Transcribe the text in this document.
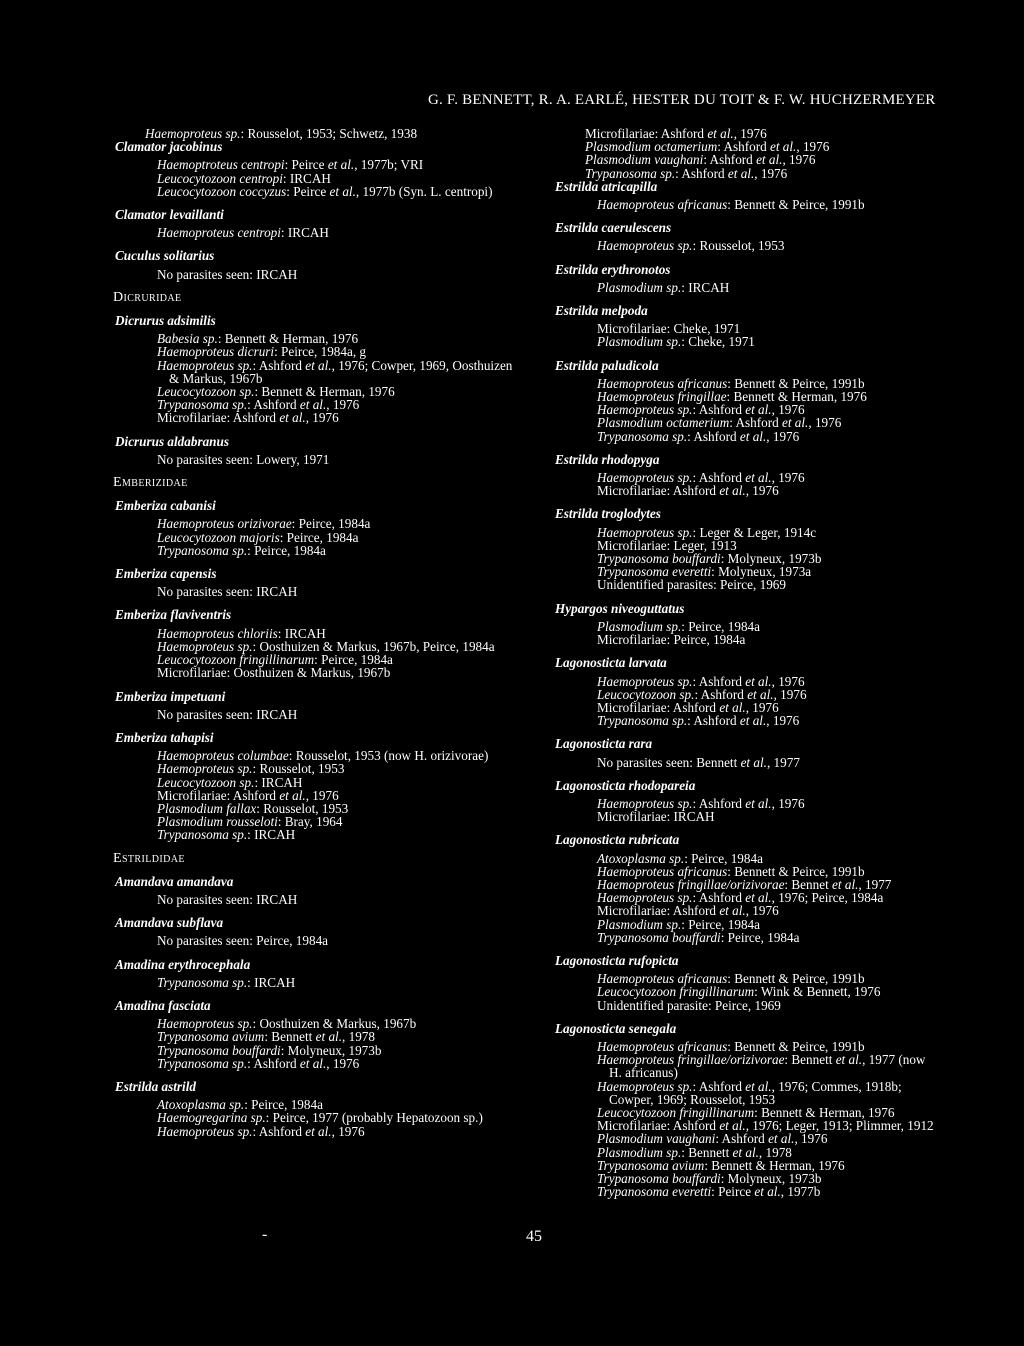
G. F. BENNETT, R. A. EARLÉ, HESTER DU TOIT & F. W. HUCHZERMEYER
Haemoproteus sp.: Rousselot, 1953; Schwetz, 1938
Clamator jacobinus
Haemoptroteus centropi: Peirce et al., 1977b; VRI
Leucocytozoon centropi: IRCAH
Leucocytozoon coccyzus: Peirce et al., 1977b (Syn. L. centropi)
Clamator levaillanti
Haemoproteus centropi: IRCAH
Cuculus solitarius
No parasites seen: IRCAH
Dicruridae
Dicrurus adsimilis
Babesia sp.: Bennett & Herman, 1976
Haemoproteus dicruri: Peirce, 1984a, g
Haemoproteus sp.: Ashford et al., 1976; Cowper, 1969, Oosthuizen & Markus, 1967b
Leucocytozoon sp.: Bennett & Herman, 1976
Trypanosoma sp.: Ashford et al., 1976
Microfilariae: Ashford et al., 1976
Dicrurus aldabranus
No parasites seen: Lowery, 1971
Emberizidae
Emberiza cabanisi
Haemoproteus orizivorae: Peirce, 1984a
Leucocytozoon majoris: Peirce, 1984a
Trypanosoma sp.: Peirce, 1984a
Emberiza capensis
No parasites seen: IRCAH
Emberiza flaviventris
Haemoproteus chloriis: IRCAH
Haemoproteus sp.: Oosthuizen & Markus, 1967b, Peirce, 1984a
Leucocytozoon fringillinarum: Peirce, 1984a
Microfilariae: Oosthuizen & Markus, 1967b
Emberiza impetuani
No parasites seen: IRCAH
Emberiza tahapisi
Haemoproteus columbae: Rousselot, 1953 (now H. orizivorae)
Haemoproteus sp.: Rousselot, 1953
Leucocytozoon sp.: IRCAH
Microfilariae: Ashford et al., 1976
Plasmodium fallax: Rousselot, 1953
Plasmodium rousseloti: Bray, 1964
Trypanosoma sp.: IRCAH
Estrildidae
Amandava amandava
No parasites seen: IRCAH
Amandava subflava
No parasites seen: Peirce, 1984a
Amadina erythrocephala
Trypanosoma sp.: IRCAH
Amadina fasciata
Haemoproteus sp.: Oosthuizen & Markus, 1967b
Trypanosoma avium: Bennett et al., 1978
Trypanosoma bouffardi: Molyneux, 1973b
Trypanosoma sp.: Ashford et al., 1976
Estrilda astrild
Atoxoplasma sp.: Peirce, 1984a
Haemogregarina sp.: Peirce, 1977 (probably Hepatozoon sp.)
Haemoproteus sp.: Ashford et al., 1976
Microfilariae: Ashford et al., 1976
Plasmodium octamerium: Ashford et al., 1976
Plasmodium vaughani: Ashford et al., 1976
Trypanosoma sp.: Ashford et al., 1976
Estrilda atricapilla
Haemoproteus africanus: Bennett & Peirce, 1991b
Estrilda caerulescens
Haemoproteus sp.: Rousselot, 1953
Estrilda erythronotos
Plasmodium sp.: IRCAH
Estrilda melpoda
Microfilariae: Cheke, 1971
Plasmodium sp.: Cheke, 1971
Estrilda paludicola
Haemoproteus africanus: Bennett & Peirce, 1991b
Haemoproteus fringillae: Bennett & Herman, 1976
Haemoproteus sp.: Ashford et al., 1976
Plasmodium octamerium: Ashford et al., 1976
Trypanosoma sp.: Ashford et al., 1976
Estrilda rhodopyga
Haemoproteus sp.: Ashford et al., 1976
Microfilariae: Ashford et al., 1976
Estrilda troglodytes
Haemoproteus sp.: Leger & Leger, 1914c
Microfilariae: Leger, 1913
Trypanosoma bouffardi: Molyneux, 1973b
Trypanosoma everetti: Molyneux, 1973a
Unidentified parasites: Peirce, 1969
Hypargos niveoguttatus
Plasmodium sp.: Peirce, 1984a
Microfilariae: Peirce, 1984a
Lagonosticta larvata
Haemoproteus sp.: Ashford et al., 1976
Leucocytozoon sp.: Ashford et al., 1976
Microfilariae: Ashford et al., 1976
Trypanosoma sp.: Ashford et al., 1976
Lagonosticta rara
No parasites seen: Bennett et al., 1977
Lagonosticta rhodopareia
Haemoproteus sp.: Ashford et al., 1976
Microfilariae: IRCAH
Lagonosticta rubricata
Atoxoplasma sp.: Peirce, 1984a
Haemoproteus africanus: Bennett & Peirce, 1991b
Haemoproteus fringillae/orizivorae: Bennet et al., 1977
Haemoproteus sp.: Ashford et al., 1976; Peirce, 1984a
Microfilariae: Ashford et al., 1976
Plasmodium sp.: Peirce, 1984a
Trypanosoma bouffardi: Peirce, 1984a
Lagonosticta rufopicta
Haemoproteus africanus: Bennett & Peirce, 1991b
Leucocytozoon fringillinarum: Wink & Bennett, 1976
Unidentified parasite: Peirce, 1969
Lagonosticta senegala
Haemoproteus africanus: Bennett & Peirce, 1991b
Haemoproteus fringillae/orizivorae: Bennett et al., 1977 (now H. africanus)
Haemoproteus sp.: Ashford et al., 1976; Commes, 1918b; Cowper, 1969; Rousselot, 1953
Leucocytozoon fringillinarum: Bennett & Herman, 1976
Microfilariae: Ashford et al., 1976; Leger, 1913; Plimmer, 1912
Plasmodium vaughani: Ashford et al., 1976
Plasmodium sp.: Bennett et al., 1978
Trypanosoma avium: Bennett & Herman, 1976
Trypanosoma bouffardi: Molyneux, 1973b
Trypanosoma everetti: Peirce et al., 1977b
-	45
